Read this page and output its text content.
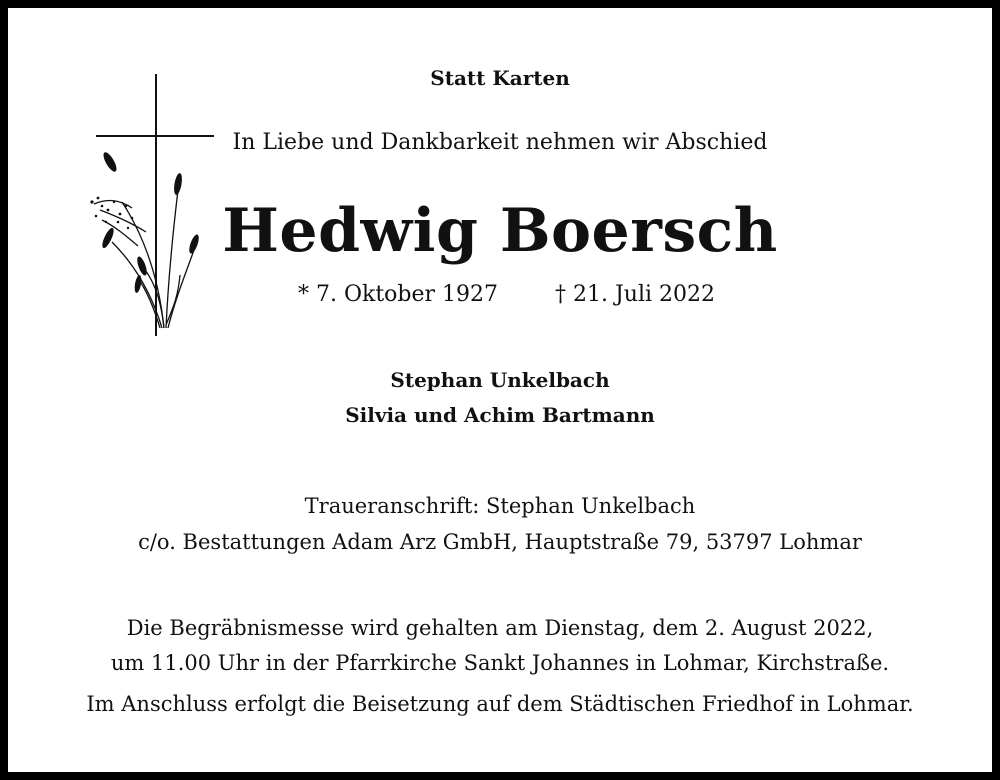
Statt Karten
In Liebe und Dankbarkeit nehmen wir Abschied
Hedwig Boersch
* 7. Oktober 1927	† 21. Juli 2022
Stephan Unkelbach
Silvia und Achim Bartmann
Traueranschrift: Stephan Unkelbach
c/o. Bestattungen Adam Arz GmbH, Hauptstraße 79, 53797 Lohmar
Die Begräbnismesse wird gehalten am Dienstag, dem 2. August 2022,
um 11.00 Uhr in der Pfarrkirche Sankt Johannes in Lohmar, Kirchstraße.
Im Anschluss erfolgt die Beisetzung auf dem Städtischen Friedhof in Lohmar.
